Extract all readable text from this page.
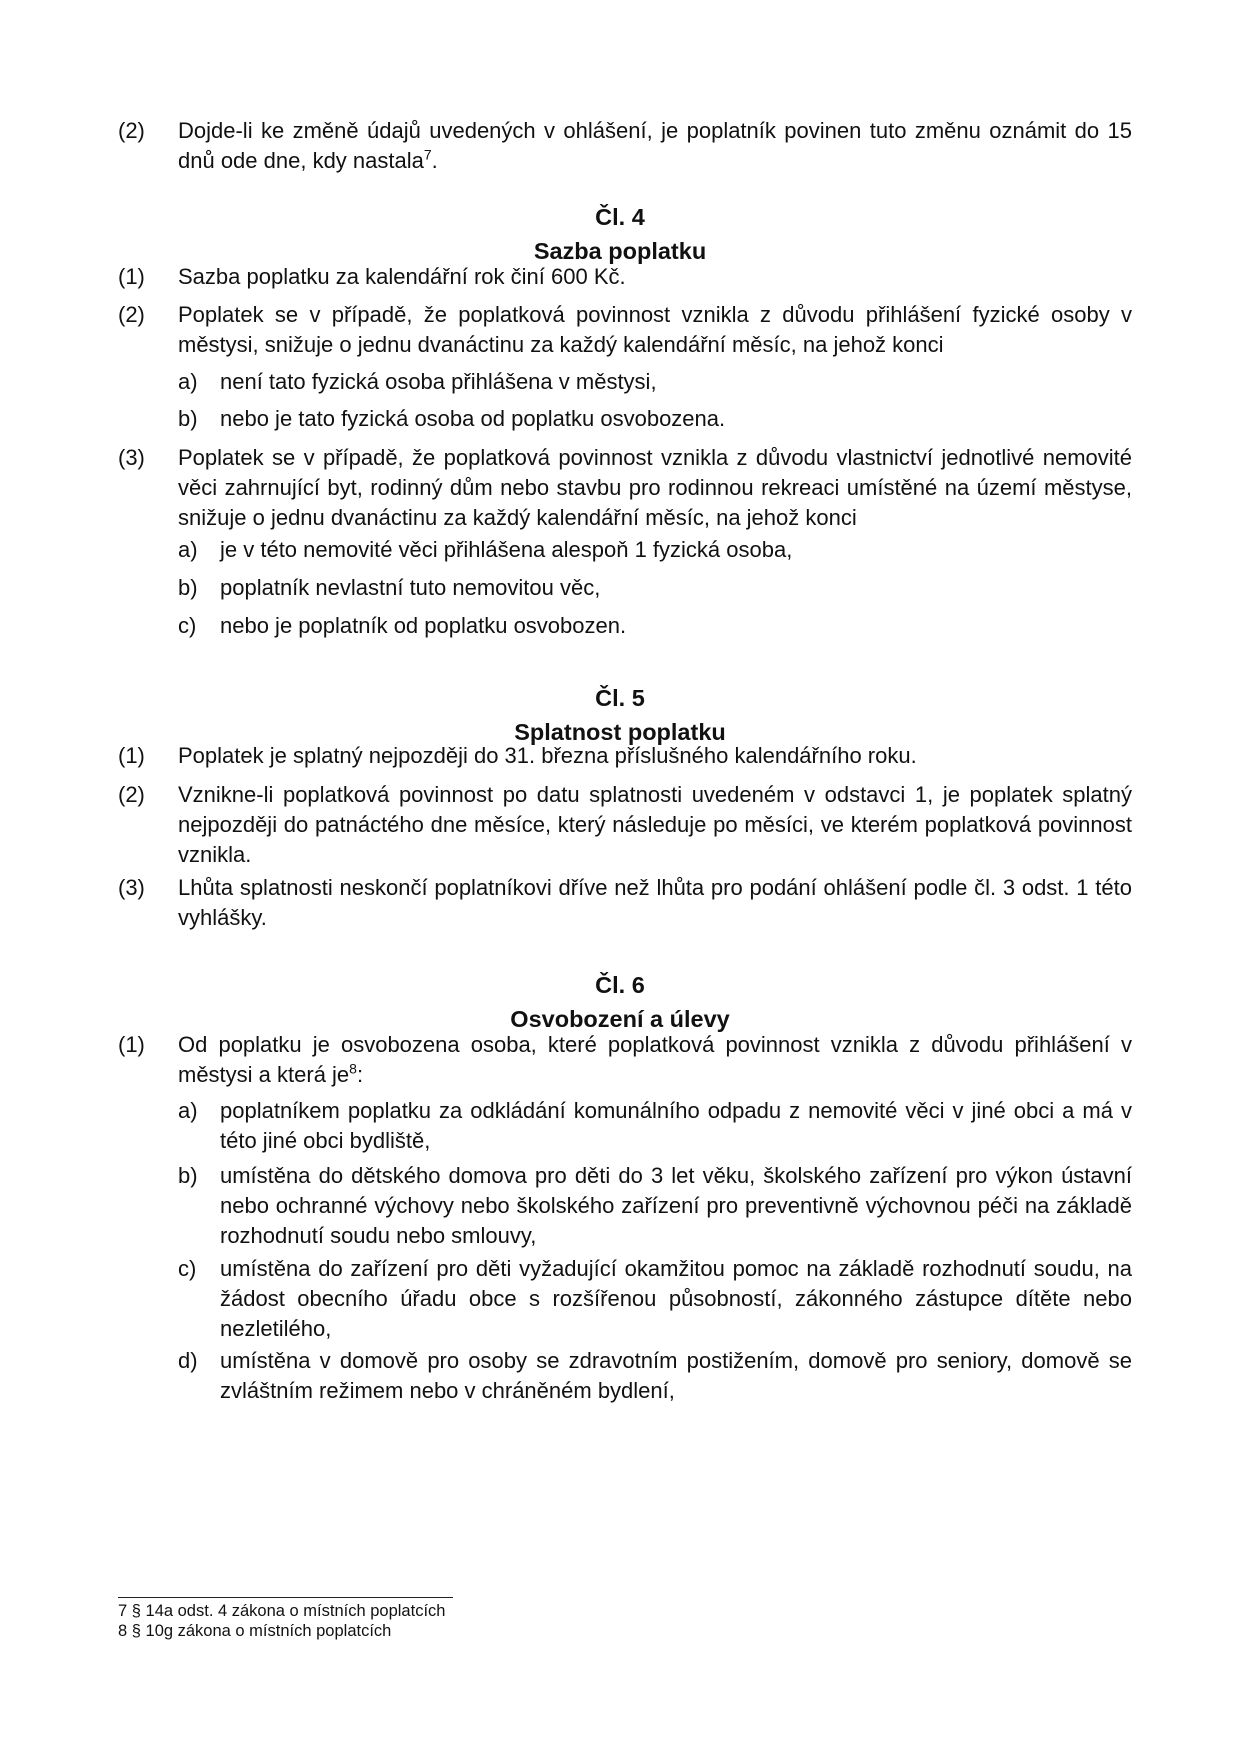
(2) Dojde-li ke změně údajů uvedených v ohlášení, je poplatník povinen tuto změnu oznámit do 15 dnů ode dne, kdy nastala$^7$.
Čl. 4
Sazba poplatku
(1) Sazba poplatku za kalendářní rok činí 600 Kč.
(2) Poplatek se v případě, že poplatková povinnost vznikla z důvodu přihlášení fyzické osoby v městysi, snižuje o jednu dvanáctinu za každý kalendářní měsíc, na jehož konci
a) není tato fyzická osoba přihlášena v městysi,
b) nebo je tato fyzická osoba od poplatku osvobozena.
(3) Poplatek se v případě, že poplatková povinnost vznikla z důvodu vlastnictví jednotlivé nemovité věci zahrnující byt, rodinný dům nebo stavbu pro rodinnou rekreaci umístěné na území městyse, snižuje o jednu dvanáctinu za každý kalendářní měsíc, na jehož konci
a) je v této nemovité věci přihlášena alespoň 1 fyzická osoba,
b) poplatník nevlastní tuto nemovitou věc,
c) nebo je poplatník od poplatku osvobozen.
Čl. 5
Splatnost poplatku
(1) Poplatek je splatný nejpozději do 31. března příslušného kalendářního roku.
(2) Vznikne-li poplatková povinnost po datu splatnosti uvedeném v odstavci 1, je poplatek splatný nejpozději do patnáctého dne měsíce, který následuje po měsíci, ve kterém poplatková povinnost vznikla.
(3) Lhůta splatnosti neskončí poplatníkovi dříve než lhůta pro podání ohlášení podle čl. 3 odst. 1 této vyhlášky.
Čl. 6
Osvobození a úlevy
(1) Od poplatku je osvobozena osoba, které poplatková povinnost vznikla z důvodu přihlášení v městysi a která $je^8$:
a) poplatníkem poplatku za odkládání komunálního odpadu z nemovité věci v jiné obci a má v této jiné obci bydliště,
b) umístěna do dětského domova pro děti do 3 let věku, školského zařízení pro výkon ústavní nebo ochranné výchovy nebo školského zařízení pro preventivně výchovnou péči na základě rozhodnutí soudu nebo smlouvy,
c) umístěna do zařízení pro děti vyžadující okamžitou pomoc na základě rozhodnutí soudu, na žádost obecního úřadu obce s rozšířenou působností, zákonného zástupce dítěte nebo nezletilého,
d) umístěna v domově pro osoby se zdravotním postižením, domově pro seniory, domově se zvláštním režimem nebo v chráněném bydlení,
7 § 14a odst. 4 zákona o místních poplatcích
8 § 10g zákona o místních poplatcích
